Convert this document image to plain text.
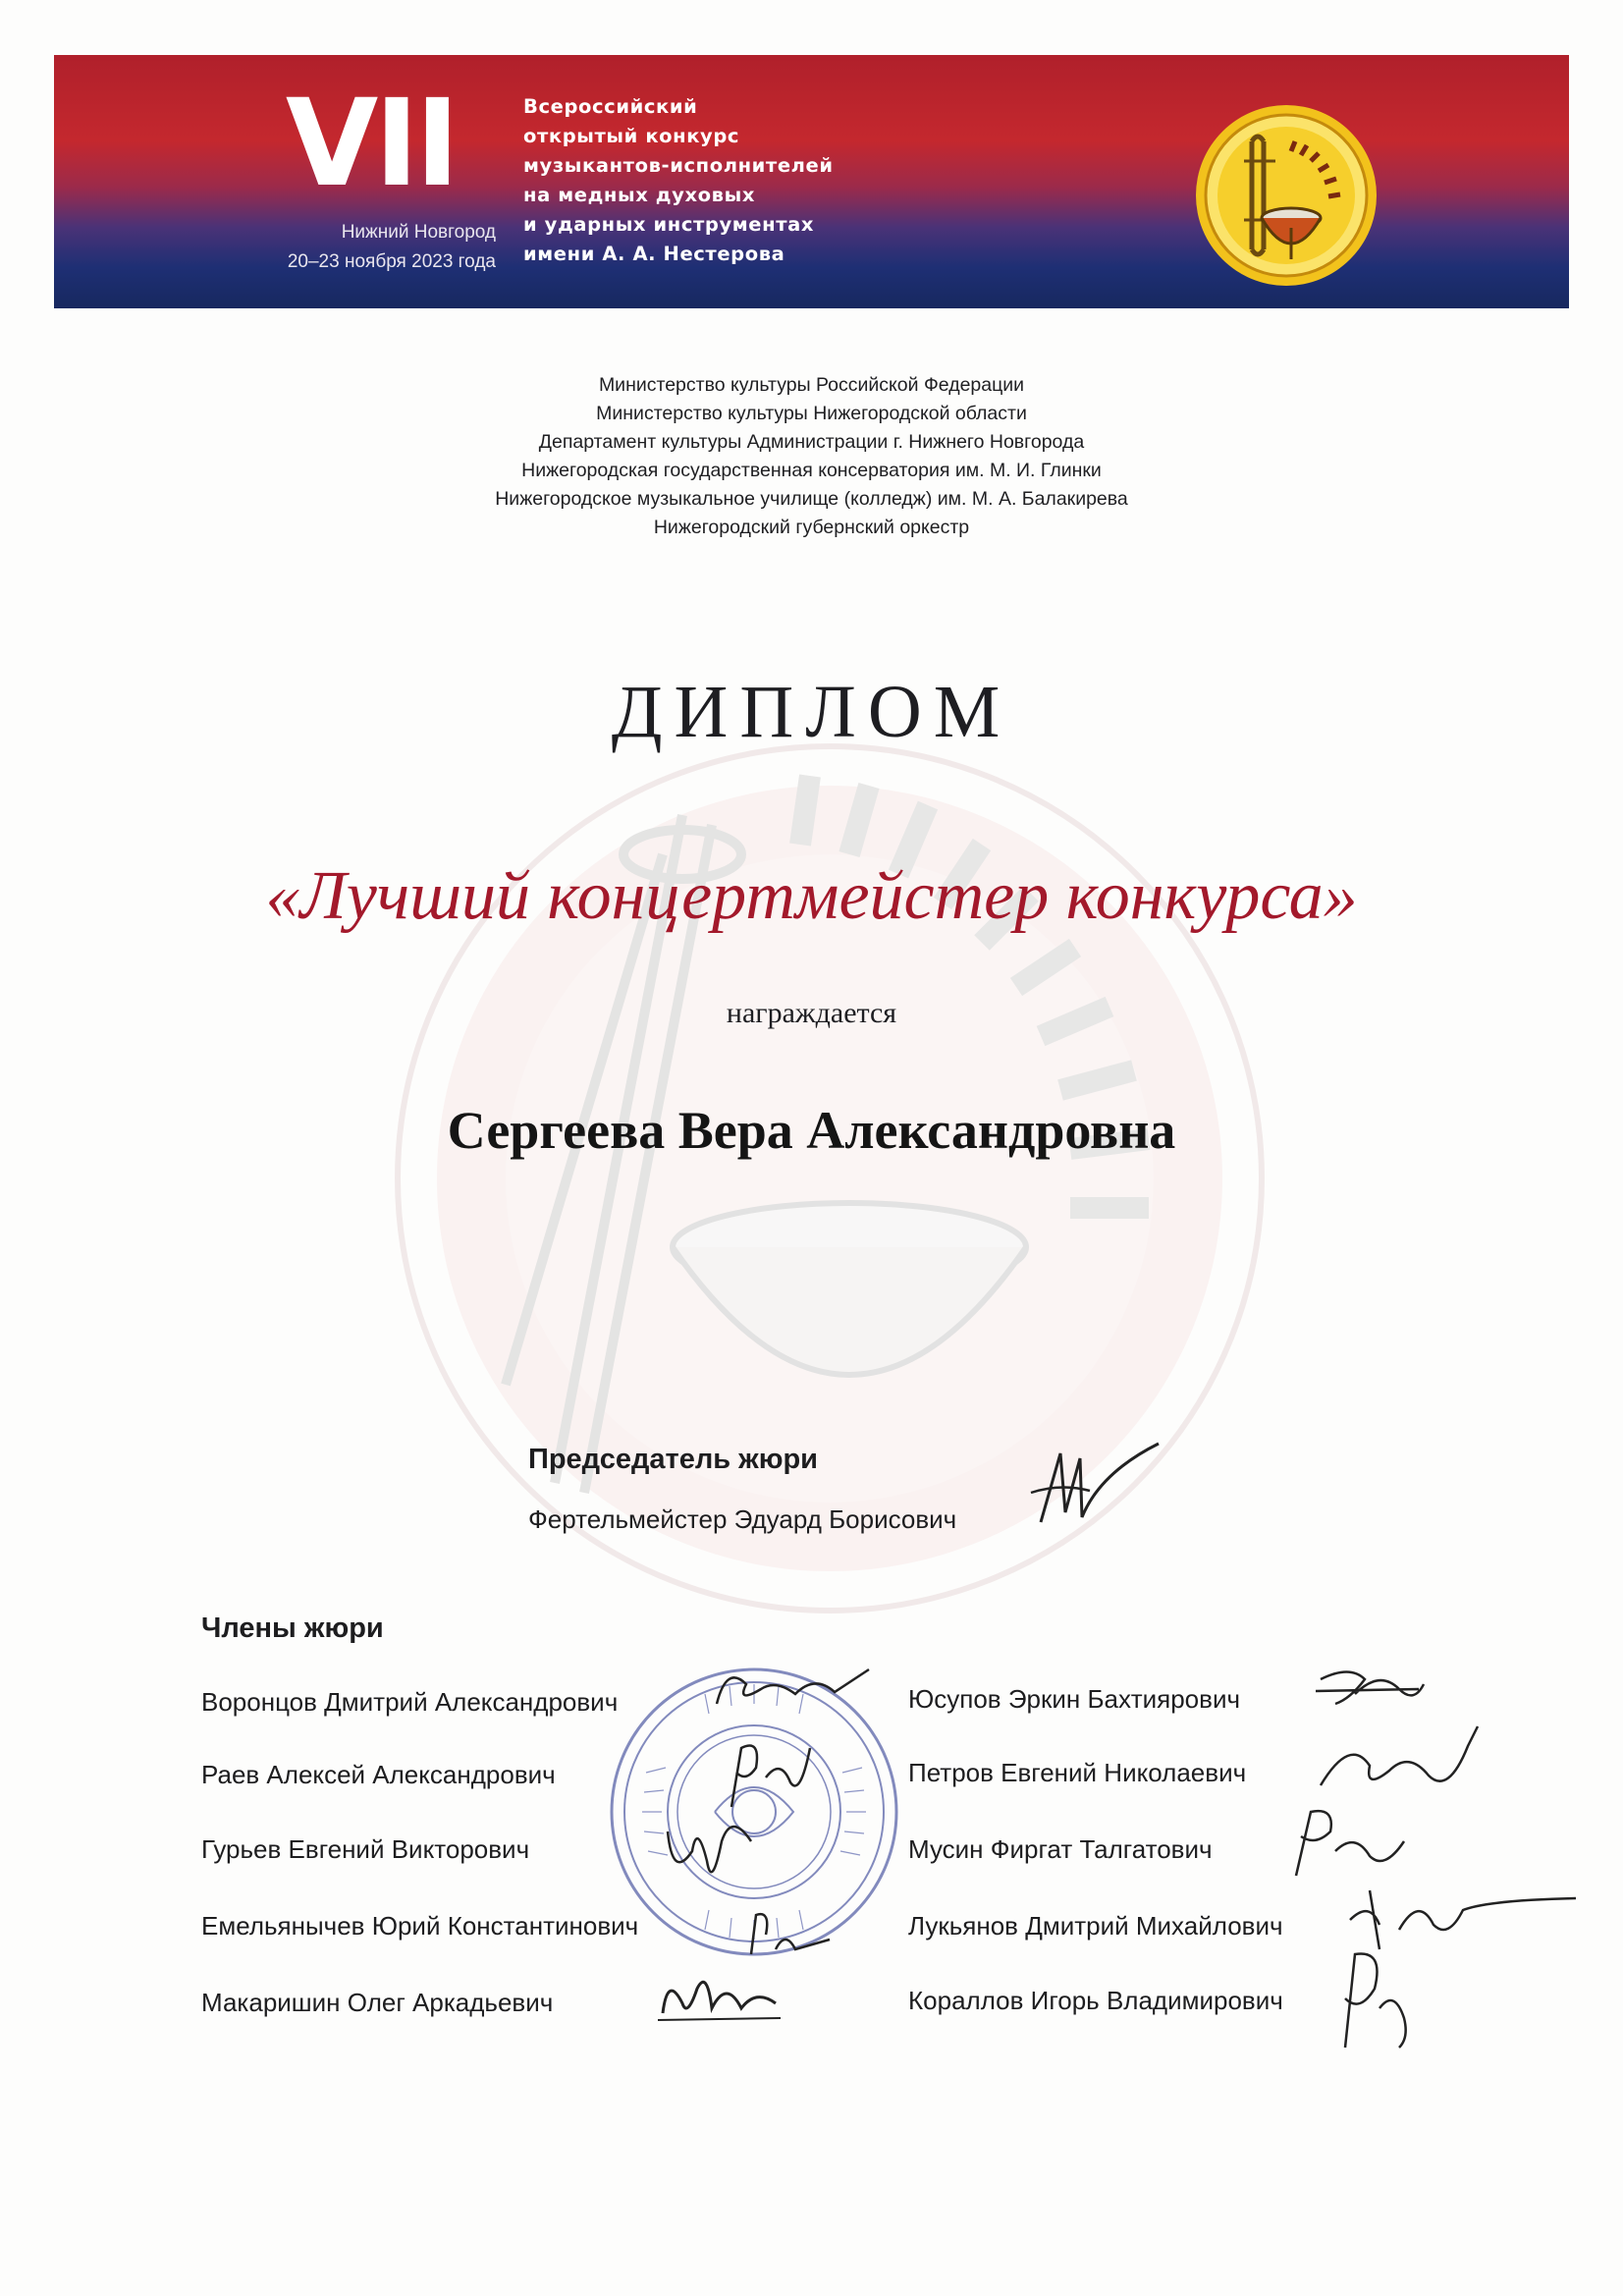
VII
Нижний Новгород
20–23 ноября 2023 года
Всероссийский
открытый конкурс
музыкантов-исполнителей
на медных духовых
и ударных инструментах
имени А. А. Нестерова
Министерство культуры Российской Федерации
Министерство культуры Нижегородской области
Департамент культуры Администрации г. Нижнего Новгорода
Нижегородская государственная консерватория им. М. И. Глинки
Нижегородское музыкальное училище (колледж) им. М. А. Балакирева
Нижегородский губернский оркестр
ДИПЛОМ
«Лучший концертмейстер конкурса»
награждается
Сергеева Вера Александровна
Председатель жюри
Фертельмейстер Эдуард Борисович
Члены жюри
Воронцов Дмитрий Александрович
Раев Алексей Александрович
Гурьев Евгений Викторович
Емельянычев Юрий Константинович
Макаришин Олег Аркадьевич
Юсупов Эркин Бахтиярович
Петров Евгений Николаевич
Мусин Фиргат Талгатович
Лукьянов Дмитрий Михайлович
Кораллов Игорь Владимирович
